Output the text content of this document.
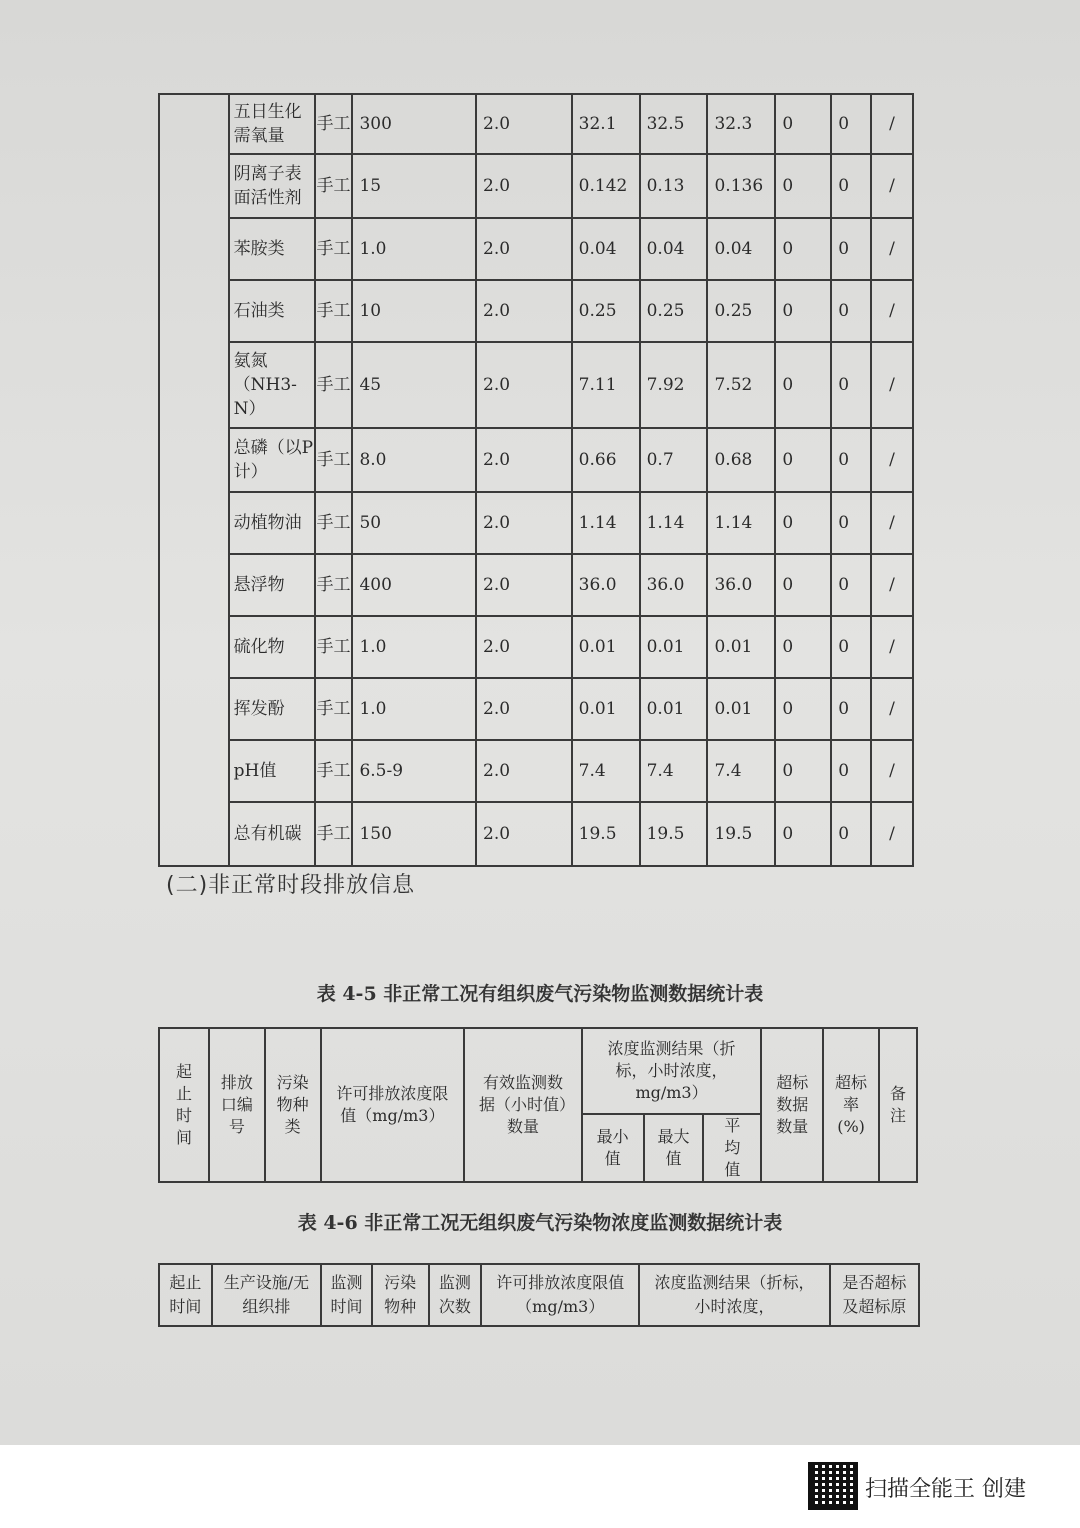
	五日生化需氧量	手工	300	2.0	32.1	32.5	32.3	0	0	/
	阴离子表面活性剂	手工	15	2.0	0.142	0.13	0.136	0	0	/
	苯胺类	手工	1.0	2.0	0.04	0.04	0.04	0	0	/
	石油类	手工	10	2.0	0.25	0.25	0.25	0	0	/
	氨氮（NH3-N）	手工	45	2.0	7.11	7.92	7.52	0	0	/
	总磷（以P计）	手工	8.0	2.0	0.66	0.7	0.68	0	0	/
	动植物油	手工	50	2.0	1.14	1.14	1.14	0	0	/
	悬浮物	手工	400	2.0	36.0	36.0	36.0	0	0	/
	硫化物	手工	1.0	2.0	0.01	0.01	0.01	0	0	/
	挥发酚	手工	1.0	2.0	0.01	0.01	0.01	0	0	/
	pH值	手工	6.5-9	2.0	7.4	7.4	7.4	0	0	/
	总有机碳	手工	150	2.0	19.5	19.5	19.5	0	0	/
(二)非正常时段排放信息
表 4-5 非正常工况有组织废气污染物监测数据统计表
起止时间	排放口编号	污染物种类	许可排放浓度限值（mg/m3）	有效监测数据（小时值）数量	浓度监测结果（折标，小时浓度，mg/m3）			超标数据数量	超标率(%)	备注
					最小值	最大值	平均值			
表 4-6 非正常工况无组织废气污染物浓度监测数据统计表
起止时间	生产设施/无组织排	监测时间	污染物种	监测次数	许可排放浓度限值（mg/m3）	浓度监测结果（折标，小时浓度，	是否超标及超标原
扫描全能王 创建
